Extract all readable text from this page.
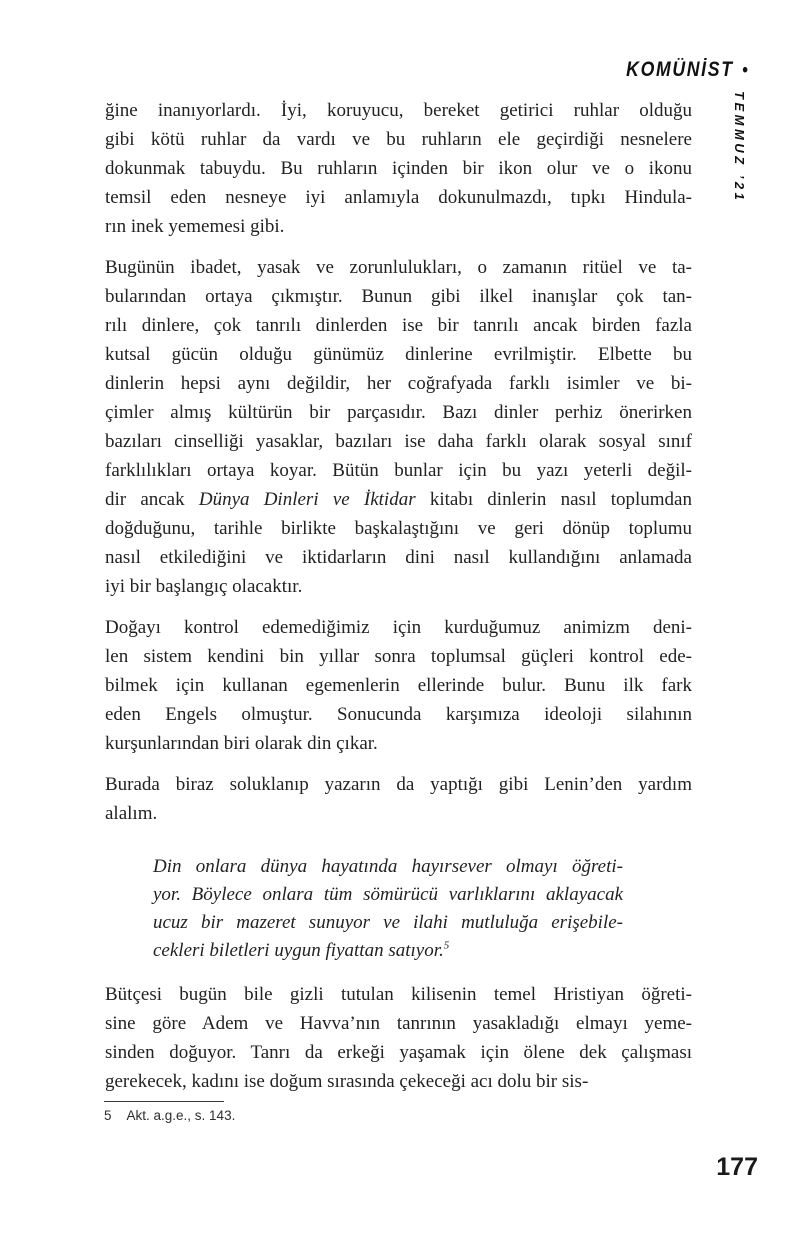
KOMÜNİST •
TEMMUZ ’21
ğine inanıyorlardı. İyi, koruyucu, bereket getirici ruhlar olduğu
gibi kötü ruhlar da vardı ve bu ruhların ele geçirdiği nesnelere
dokunmak tabuydu. Bu ruhların içinden bir ikon olur ve o ikonu
temsil eden nesneye iyi anlamıyla dokunulmazdı, tıpkı Hindula-
rın inek yememesi gibi.
Bugünün ibadet, yasak ve zorunlulukları, o zamanın ritüel ve ta-
bularından ortaya çıkmıştır. Bunun gibi ilkel inanışlar çok tan-
rılı dinlere, çok tanrılı dinlerden ise bir tanrılı ancak birden fazla
kutsal gücün olduğu günümüz dinlerine evrilmiştir. Elbette bu
dinlerin hepsi aynı değildir, her coğrafyada farklı isimler ve bi-
çimler almış kültürün bir parçasıdır. Bazı dinler perhiz önerirken
bazıları cinselliği yasaklar, bazıları ise daha farklı olarak sosyal sınıf
farklılıkları ortaya koyar. Bütün bunlar için bu yazı yeterli değil-
dir ancak Dünya Dinleri ve İktidar kitabı dinlerin nasıl toplumdan
doğduğunu, tarihle birlikte başkalaştığını ve geri dönüp toplumu
nasıl etkilediğini ve iktidarların dini nasıl kullandığını anlamada
iyi bir başlangıç olacaktır.
Doğayı kontrol edemediğimiz için kurduğumuz animizm deni-
len sistem kendini bin yıllar sonra toplumsal güçleri kontrol ede-
bilmek için kullanan egemenlerin ellerinde bulur. Bunu ilk fark
eden Engels olmuştur. Sonucunda karşımıza ideoloji silahının
kurşunlarından biri olarak din çıkar.
Burada biraz soluklanıp yazarın da yaptığı gibi Lenin’den yardım
alalım.
Din onlara dünya hayatında hayırsever olmayı öğreti-
yor. Böylece onlara tüm sömürücü varlıklarını aklayacak
ucuz bir mazeret sunuyor ve ilahi mutluluğa erişebile-
cekleri biletleri uygun fiyattan satıyor.$^5$
Bütçesi bugün bile gizli tutulan kilisenin temel Hristiyan öğreti-
sine göre Adem ve Havva’nın tanrının yasakladığı elmayı yeme-
sinden doğuyor. Tanrı da erkeği yaşamak için ölene dek çalışması
gerekecek, kadını ise doğum sırasında çekeceği acı dolu bir sis-
5 Akt. a.g.e., s. 143.
177
